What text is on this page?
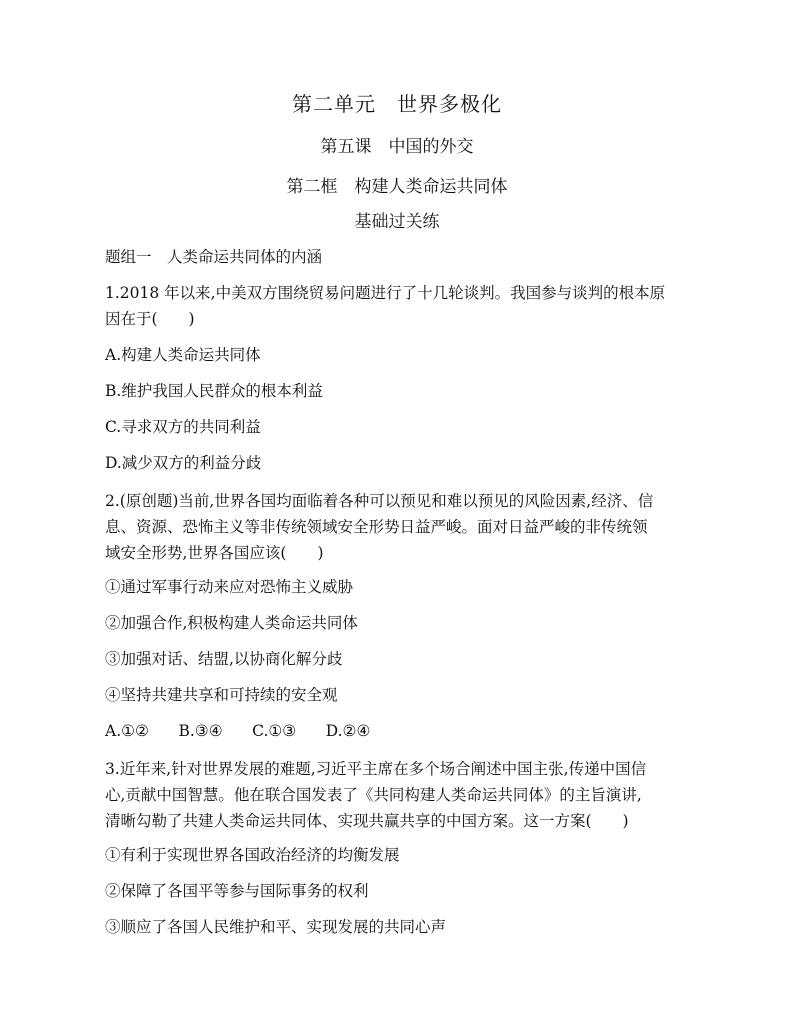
第二单元　世界多极化
第五课　中国的外交
第二框　构建人类命运共同体
基础过关练
题组一　人类命运共同体的内涵
1.2018 年以来,中美双方围绕贸易问题进行了十几轮谈判。我国参与谈判的根本原
因在于(　　)
A.构建人类命运共同体
B.维护我国人民群众的根本利益
C.寻求双方的共同利益
D.减少双方的利益分歧
2.(原创题)当前,世界各国均面临着各种可以预见和难以预见的风险因素,经济、信
息、资源、恐怖主义等非传统领域安全形势日益严峻。面对日益严峻的非传统领
域安全形势,世界各国应该(　　)
①通过军事行动来应对恐怖主义威胁
②加强合作,积极构建人类命运共同体
③加强对话、结盟,以协商化解分歧
④坚持共建共享和可持续的安全观
A.①② B.③④ C.①③ D.②④
3.近年来,针对世界发展的难题,习近平主席在多个场合阐述中国主张,传递中国信
心,贡献中国智慧。他在联合国发表了《共同构建人类命运共同体》的主旨演讲,
清晰勾勒了共建人类命运共同体、实现共赢共享的中国方案。这一方案(　　)
①有利于实现世界各国政治经济的均衡发展
②保障了各国平等参与国际事务的权利
③顺应了各国人民维护和平、实现发展的共同心声
